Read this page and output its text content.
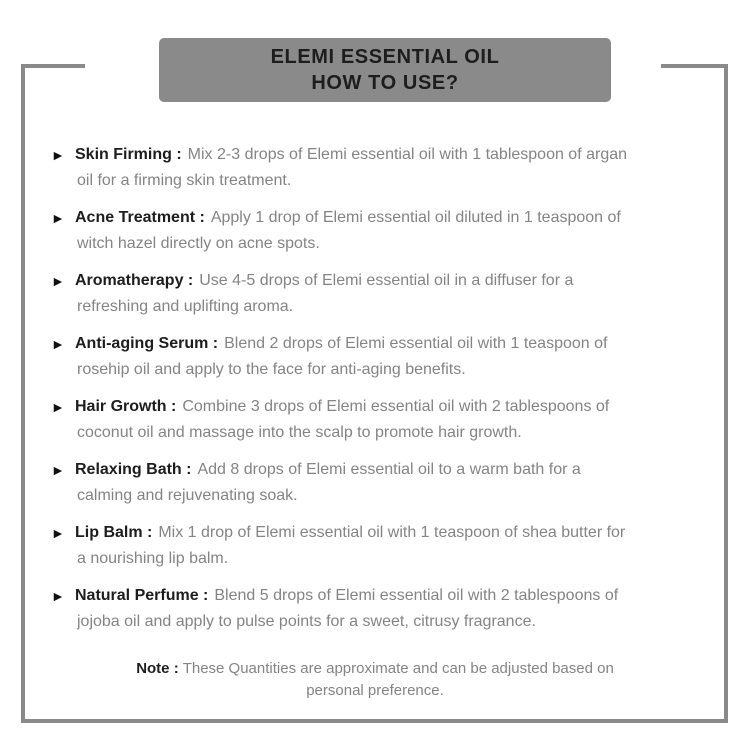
ELEMI ESSENTIAL OIL
HOW TO USE?
► Skin Firming : Mix 2-3 drops of Elemi essential oil with 1 tablespoon of argan
oil for a firming skin treatment.
► Acne Treatment : Apply 1 drop of Elemi essential oil diluted in 1 teaspoon of
witch hazel directly on acne spots.
► Aromatherapy : Use 4-5 drops of Elemi essential oil in a diffuser for a
refreshing and uplifting aroma.
► Anti-aging Serum : Blend 2 drops of Elemi essential oil with 1 teaspoon of
rosehip oil and apply to the face for anti-aging benefits.
► Hair Growth : Combine 3 drops of Elemi essential oil with 2 tablespoons of
coconut oil and massage into the scalp to promote hair growth.
► Relaxing Bath : Add 8 drops of Elemi essential oil to a warm bath for a
calming and rejuvenating soak.
► Lip Balm : Mix 1 drop of Elemi essential oil with 1 teaspoon of shea butter for
a nourishing lip balm.
► Natural Perfume : Blend 5 drops of Elemi essential oil with 2 tablespoons of
jojoba oil and apply to pulse points for a sweet, citrusy fragrance.
Note : These Quantities are approximate and can be adjusted based on
personal preference.
